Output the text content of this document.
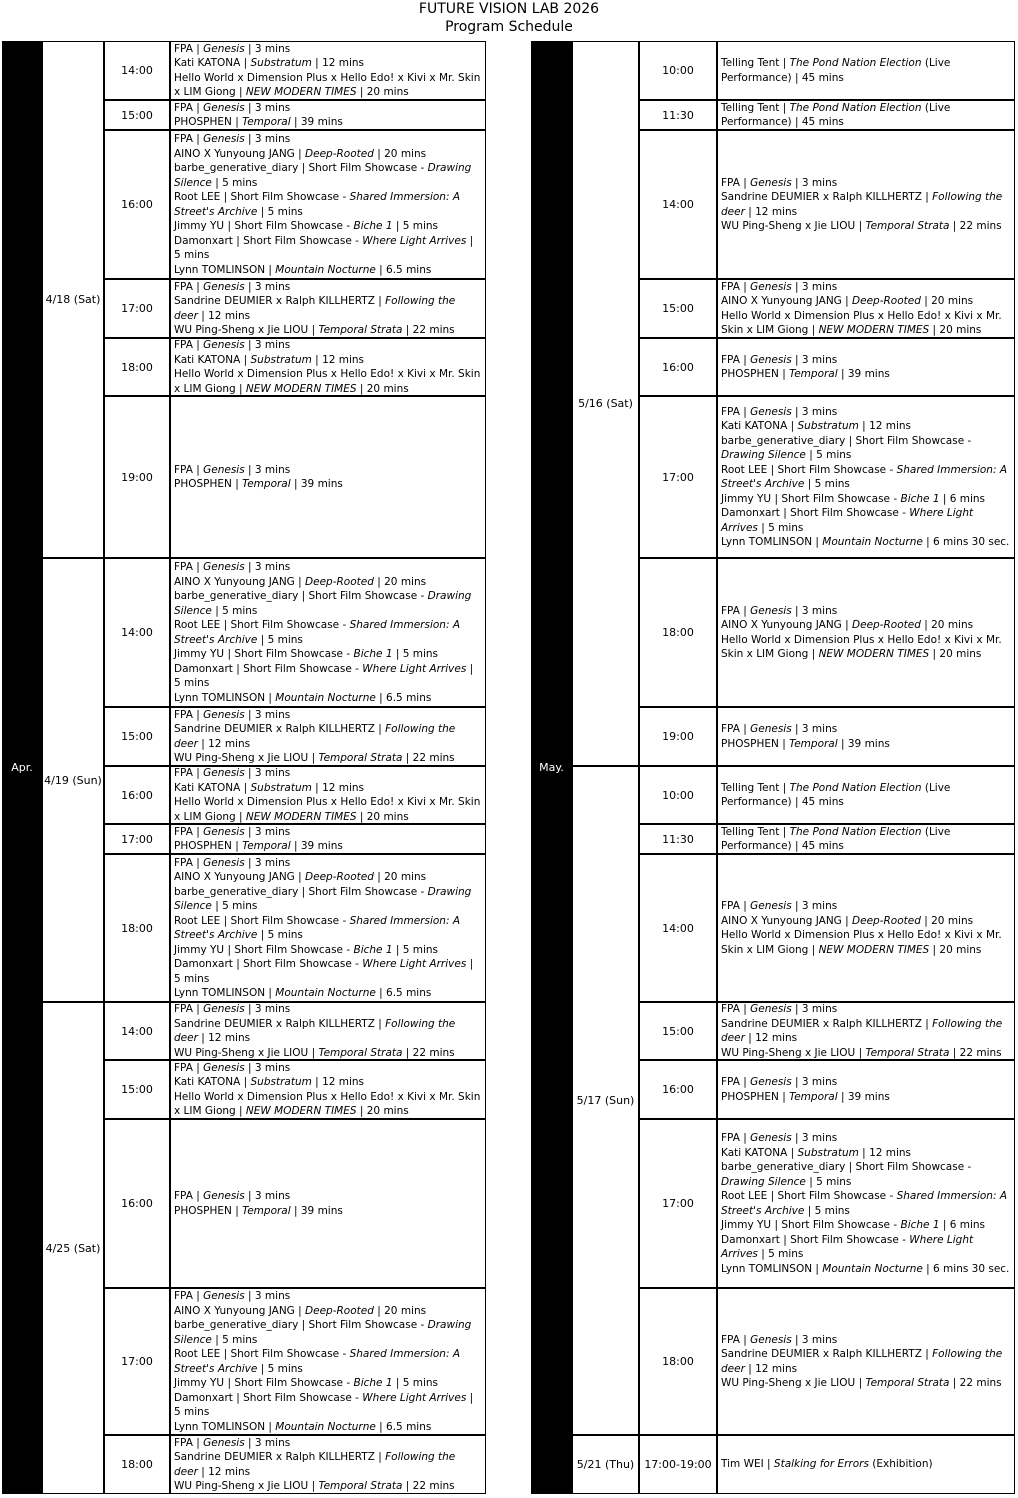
FUTURE VISION LAB 2026
Program Schedule
Apr.
4/18 (Sat)
14:00
FPA | Genesis | 3 mins
Kati KATONA | Substratum | 12 mins
Hello World x Dimension Plus x Hello Edo! x Kivi x Mr. Skin x LIM Giong | NEW MODERN TIMES | 20 mins
15:00
FPA | Genesis | 3 mins
PHOSPHEN | Temporal | 39 mins
16:00
FPA | Genesis | 3 mins
AINO X Yunyoung JANG | Deep-Rooted | 20 mins
barbe_generative_diary | Short Film Showcase - Drawing Silence | 5 mins
Root LEE | Short Film Showcase - Shared Immersion: A Street's Archive | 5 mins
Jimmy YU | Short Film Showcase - Biche 1 | 5 mins
Damonxart | Short Film Showcase - Where Light Arrives | 5 mins
Lynn TOMLINSON | Mountain Nocturne | 6.5 mins
17:00
FPA | Genesis | 3 mins
Sandrine DEUMIER x Ralph KILLHERTZ | Following the deer | 12 mins
WU Ping-Sheng x Jie LIOU | Temporal Strata | 22 mins
18:00
FPA | Genesis | 3 mins
Kati KATONA | Substratum | 12 mins
Hello World x Dimension Plus x Hello Edo! x Kivi x Mr. Skin x LIM Giong | NEW MODERN TIMES | 20 mins
19:00
FPA | Genesis | 3 mins
PHOSPHEN | Temporal | 39 mins
4/19 (Sun)
14:00
FPA | Genesis | 3 mins
AINO X Yunyoung JANG | Deep-Rooted | 20 mins
barbe_generative_diary | Short Film Showcase - Drawing Silence | 5 mins
Root LEE | Short Film Showcase - Shared Immersion: A Street's Archive | 5 mins
Jimmy YU | Short Film Showcase - Biche 1 | 5 mins
Damonxart | Short Film Showcase - Where Light Arrives | 5 mins
Lynn TOMLINSON | Mountain Nocturne | 6.5 mins
15:00
FPA | Genesis | 3 mins
Sandrine DEUMIER x Ralph KILLHERTZ | Following the deer | 12 mins
WU Ping-Sheng x Jie LIOU | Temporal Strata | 22 mins
16:00
FPA | Genesis | 3 mins
Kati KATONA | Substratum | 12 mins
Hello World x Dimension Plus x Hello Edo! x Kivi x Mr. Skin x LIM Giong | NEW MODERN TIMES | 20 mins
17:00
FPA | Genesis | 3 mins
PHOSPHEN | Temporal | 39 mins
18:00
FPA | Genesis | 3 mins
AINO X Yunyoung JANG | Deep-Rooted | 20 mins
barbe_generative_diary | Short Film Showcase - Drawing Silence | 5 mins
Root LEE | Short Film Showcase - Shared Immersion: A Street's Archive | 5 mins
Jimmy YU | Short Film Showcase - Biche 1 | 5 mins
Damonxart | Short Film Showcase - Where Light Arrives | 5 mins
Lynn TOMLINSON | Mountain Nocturne | 6.5 mins
4/25 (Sat)
14:00
FPA | Genesis | 3 mins
Sandrine DEUMIER x Ralph KILLHERTZ | Following the deer | 12 mins
WU Ping-Sheng x Jie LIOU | Temporal Strata | 22 mins
15:00
FPA | Genesis | 3 mins
Kati KATONA | Substratum | 12 mins
Hello World x Dimension Plus x Hello Edo! x Kivi x Mr. Skin x LIM Giong | NEW MODERN TIMES | 20 mins
16:00
FPA | Genesis | 3 mins
PHOSPHEN | Temporal | 39 mins
17:00
FPA | Genesis | 3 mins
AINO X Yunyoung JANG | Deep-Rooted | 20 mins
barbe_generative_diary | Short Film Showcase - Drawing Silence | 5 mins
Root LEE | Short Film Showcase - Shared Immersion: A Street's Archive | 5 mins
Jimmy YU | Short Film Showcase - Biche 1 | 5 mins
Damonxart | Short Film Showcase - Where Light Arrives | 5 mins
Lynn TOMLINSON | Mountain Nocturne | 6.5 mins
18:00
FPA | Genesis | 3 mins
Sandrine DEUMIER x Ralph KILLHERTZ | Following the deer | 12 mins
WU Ping-Sheng x Jie LIOU | Temporal Strata | 22 mins
May.
5/16 (Sat)
10:00
Telling Tent | The Pond Nation Election (Live Performance) | 45 mins
11:30
Telling Tent | The Pond Nation Election (Live Performance) | 45 mins
14:00
FPA | Genesis | 3 mins
Sandrine DEUMIER x Ralph KILLHERTZ | Following the deer | 12 mins
WU Ping-Sheng x Jie LIOU | Temporal Strata | 22 mins
15:00
FPA | Genesis | 3 mins
AINO X Yunyoung JANG | Deep-Rooted | 20 mins
Hello World x Dimension Plus x Hello Edo! x Kivi x Mr. Skin x LIM Giong | NEW MODERN TIMES | 20 mins
16:00
FPA | Genesis | 3 mins
PHOSPHEN | Temporal | 39 mins
17:00
FPA | Genesis | 3 mins
Kati KATONA | Substratum | 12 mins
barbe_generative_diary | Short Film Showcase - Drawing Silence | 5 mins
Root LEE | Short Film Showcase - Shared Immersion: A Street's Archive | 5 mins
Jimmy YU | Short Film Showcase - Biche 1 | 6 mins
Damonxart | Short Film Showcase - Where Light Arrives | 5 mins
Lynn TOMLINSON | Mountain Nocturne | 6 mins 30 sec.
18:00
FPA | Genesis | 3 mins
AINO X Yunyoung JANG | Deep-Rooted | 20 mins
Hello World x Dimension Plus x Hello Edo! x Kivi x Mr. Skin x LIM Giong | NEW MODERN TIMES | 20 mins
19:00
FPA | Genesis | 3 mins
PHOSPHEN | Temporal | 39 mins
5/17 (Sun)
10:00
Telling Tent | The Pond Nation Election (Live Performance) | 45 mins
11:30
Telling Tent | The Pond Nation Election (Live Performance) | 45 mins
14:00
FPA | Genesis | 3 mins
AINO X Yunyoung JANG | Deep-Rooted | 20 mins
Hello World x Dimension Plus x Hello Edo! x Kivi x Mr. Skin x LIM Giong | NEW MODERN TIMES | 20 mins
15:00
FPA | Genesis | 3 mins
Sandrine DEUMIER x Ralph KILLHERTZ | Following the deer | 12 mins
WU Ping-Sheng x Jie LIOU | Temporal Strata | 22 mins
16:00
FPA | Genesis | 3 mins
PHOSPHEN | Temporal | 39 mins
17:00
FPA | Genesis | 3 mins
Kati KATONA | Substratum | 12 mins
barbe_generative_diary | Short Film Showcase - Drawing Silence | 5 mins
Root LEE | Short Film Showcase - Shared Immersion: A Street's Archive | 5 mins
Jimmy YU | Short Film Showcase - Biche 1 | 6 mins
Damonxart | Short Film Showcase - Where Light Arrives | 5 mins
Lynn TOMLINSON | Mountain Nocturne | 6 mins 30 sec.
18:00
FPA | Genesis | 3 mins
Sandrine DEUMIER x Ralph KILLHERTZ | Following the deer | 12 mins
WU Ping-Sheng x Jie LIOU | Temporal Strata | 22 mins
5/21 (Thu) 17:00-19:00 Tim WEI | Stalking for Errors (Exhibition)
